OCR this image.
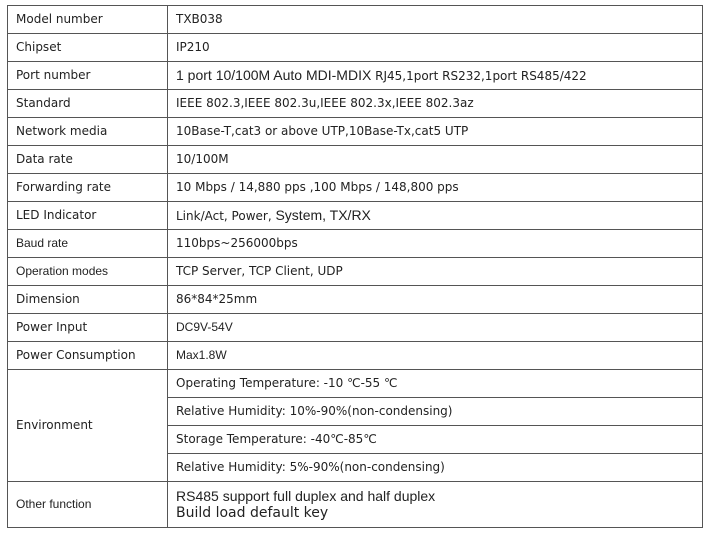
Model number	TXB038
Chipset	IP210
Port number	1 port 10/100M Auto MDI-MDIX RJ45,1port RS232,1port RS485/422
Standard	IEEE 802.3,IEEE 802.3u,IEEE 802.3x,IEEE 802.3az
Network media	10Base-T,cat3 or above UTP,10Base-Tx,cat5 UTP
Data rate	10/100M
Forwarding rate	10 Mbps / 14,880 pps ,100 Mbps / 148,800 pps
LED Indicator	Link/Act, Power, System, TX/RX
Baud rate	110bps~256000bps
Operation modes	TCP Server, TCP Client, UDP
Dimension	86*84*25mm
Power Input	DC9V-54V
Power Consumption	Max1.8W
Environment	Operating Temperature: -10 ℃-55 ℃
	Relative Humidity: 10%-90%(non-condensing)
	Storage Temperature: -40℃-85℃
	Relative Humidity: 5%-90%(non-condensing)
Other function	RS485 support full duplex and half duplex
Build load default key
